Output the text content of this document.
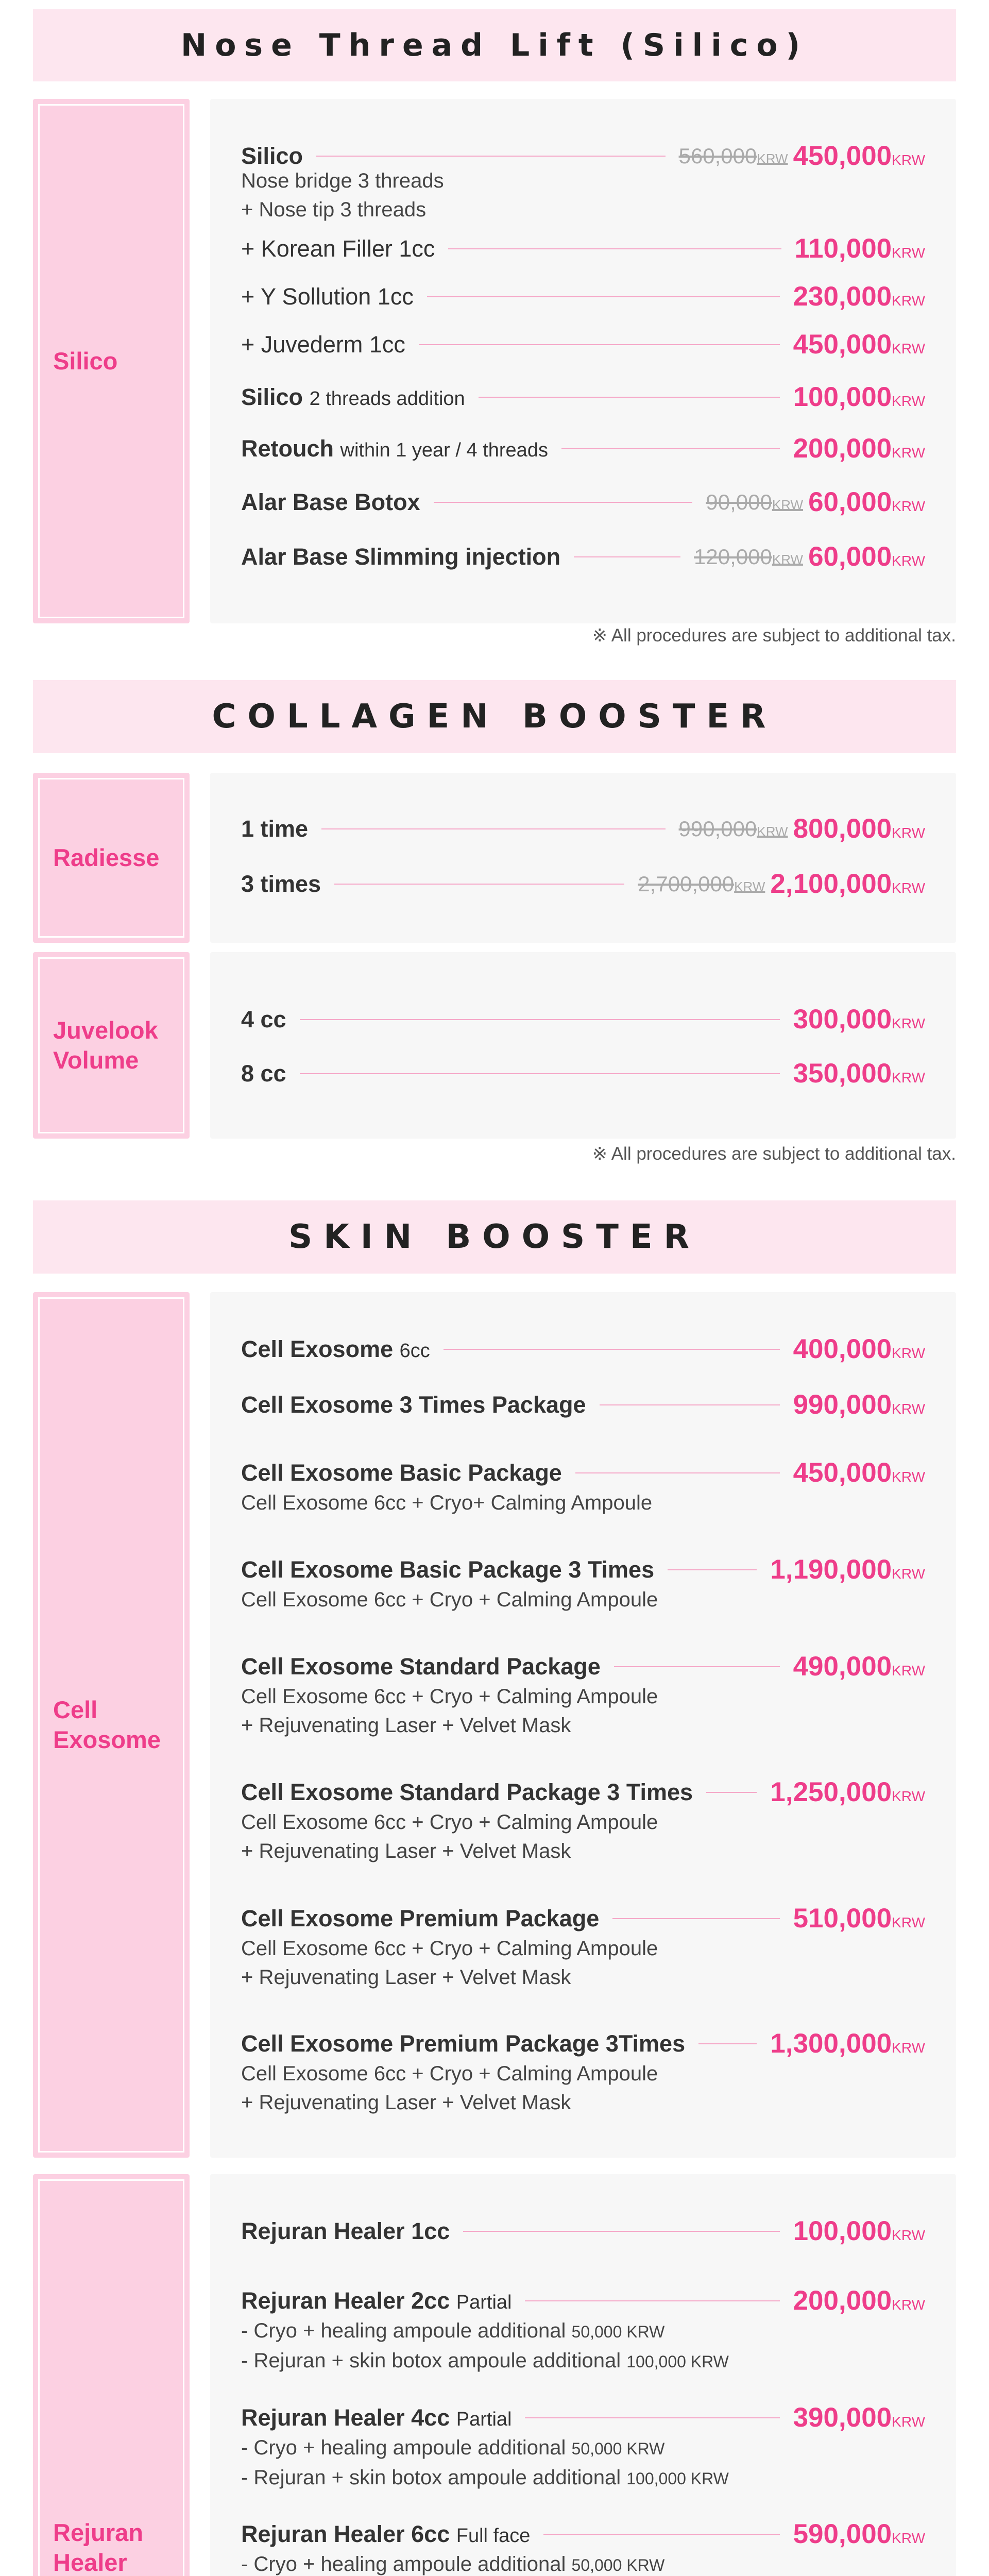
Nose Thread Lift (Silico)
Silico
Silico	560,000KRW 450,000KRW
Nose bridge 3 threads
+ Nose tip 3 threads
+ Korean Filler 1cc	110,000KRW
+ Y Sollution 1cc	230,000KRW
+ Juvederm 1cc	450,000KRW
Silico 2 threads addition	100,000KRW
Retouch within 1 year / 4 threads	200,000KRW
Alar Base Botox	90,000KRW 60,000KRW
Alar Base Slimming injection	120,000KRW 60,000KRW
※ All procedures are subject to additional tax.
COLLAGEN BOOSTER
Radiesse
1 time	990,000KRW 800,000KRW
3 times	2,700,000KRW 2,100,000KRW
Juvelook Volume
4 cc	300,000KRW
8 cc	350,000KRW
※ All procedures are subject to additional tax.
SKIN BOOSTER
Cell Exosome
Cell Exosome 6cc	400,000KRW
Cell Exosome 3 Times Package	990,000KRW
Cell Exosome Basic Package	450,000KRW
Cell Exosome 6cc + Cryo+ Calming Ampoule
Cell Exosome Basic Package 3 Times	1,190,000KRW
Cell Exosome 6cc + Cryo + Calming Ampoule
Cell Exosome Standard Package	490,000KRW
Cell Exosome 6cc + Cryo + Calming Ampoule
+ Rejuvenating Laser + Velvet Mask
Cell Exosome Standard Package 3 Times	1,250,000KRW
Cell Exosome 6cc + Cryo + Calming Ampoule
+ Rejuvenating Laser + Velvet Mask
Cell Exosome Premium Package	510,000KRW
Cell Exosome 6cc + Cryo + Calming Ampoule
+ Rejuvenating Laser + Velvet Mask
Cell Exosome Premium Package 3Times	1,300,000KRW
Cell Exosome 6cc + Cryo + Calming Ampoule
+ Rejuvenating Laser + Velvet Mask
Rejuran Healer
Rejuran Healer 1cc	100,000KRW
Rejuran Healer 2cc Partial	200,000KRW
- Cryo + healing ampoule additional 50,000 KRW
- Rejuran + skin botox ampoule additional 100,000 KRW
Rejuran Healer 4cc Partial	390,000KRW
- Cryo + healing ampoule additional 50,000 KRW
- Rejuran + skin botox ampoule additional 100,000 KRW
Rejuran Healer 6cc Full face	590,000KRW
- Cryo + healing ampoule additional 50,000 KRW
